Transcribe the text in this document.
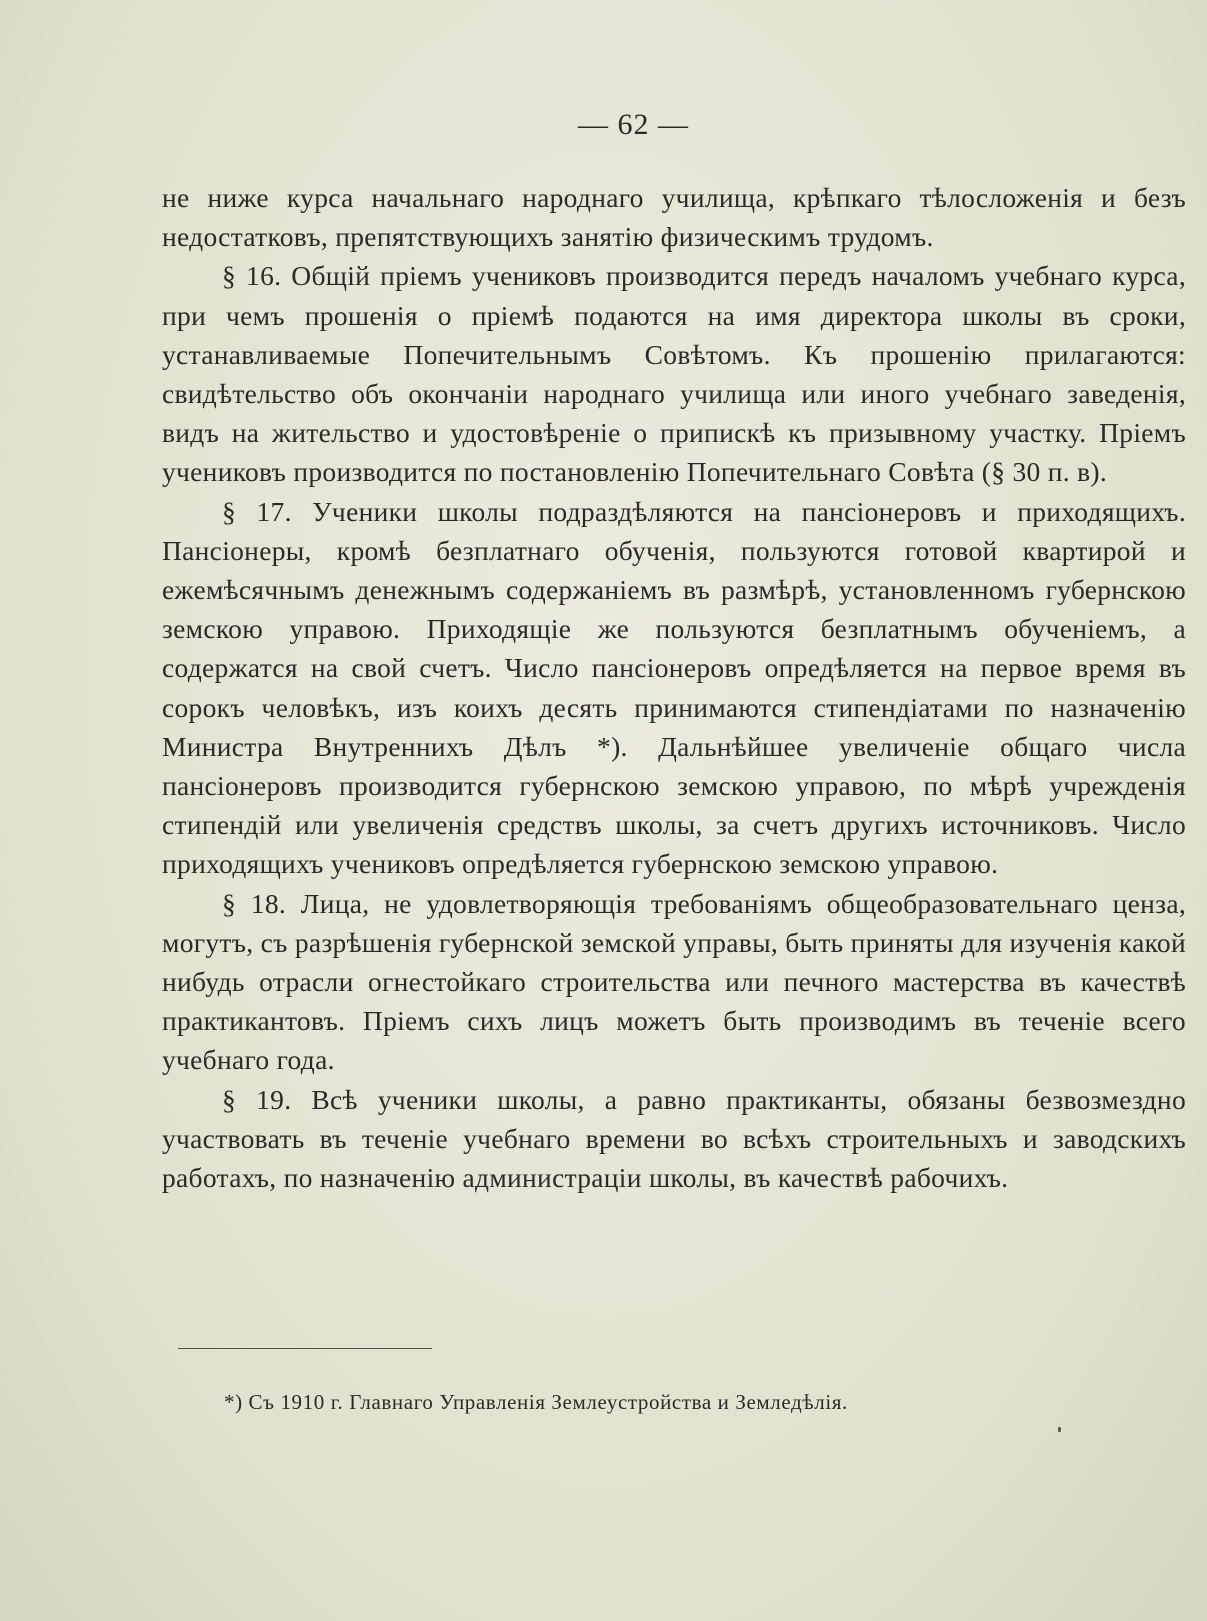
— 62 —

не ниже курса начальнаго народнаго училища, крѣпкаго тѣлосложенія и безъ недостатковъ, препятствующихъ занятію физическимъ трудомъ.

§ 16. Общій пріемъ учениковъ производится передъ началомъ учебнаго курса, при чемъ прошенія о пріемѣ подаются на имя директора школы въ сроки, устанавливаемые Попечительнымъ Совѣтомъ. Къ прошенію прилагаются: свидѣтельство объ окончаніи народнаго училища или иного учебнаго заведенія, видъ на жительство и удостовѣреніе о припискѣ къ призывному участку. Пріемъ учениковъ производится по постановленію Попечительнаго Совѣта (§ 30 п. в).

§ 17. Ученики школы подраздѣляются на пансіонеровъ и приходящихъ. Пансіонеры, кромѣ безплатнаго обученія, пользуются готовой квартирой и ежемѣсячнымъ денежнымъ содержаніемъ въ размѣрѣ, установленномъ губернскою земскою управою. Приходящіе же пользуются безплатнымъ обученіемъ, а содержатся на свой счетъ. Число пансіонеровъ опредѣляется на первое время въ сорокъ человѣкъ, изъ коихъ десять принимаются стипендіатами по назначенію Министра Внутреннихъ Дѣлъ *). Дальнѣйшее увеличеніе общаго числа пансіонеровъ производится губернскою земскою управою, по мѣрѣ учрежденія стипендій или увеличенія средствъ школы, за счетъ другихъ источниковъ. Число приходящихъ учениковъ опредѣляется губернскою земскою управою.

§ 18. Лица, не удовлетворяющія требованіямъ общеобразовательнаго ценза, могутъ, съ разрѣшенія губернской земской управы, быть приняты для изученія какой нибудь отрасли огнестойкаго строительства или печного мастерства въ качествѣ практикантовъ. Пріемъ сихъ лицъ можетъ быть производимъ въ теченіе всего учебнаго года.

§ 19. Всѣ ученики школы, а равно практиканты, обязаны безвозмездно участвовать въ теченіе учебнаго времени во всѣхъ строительныхъ и заводскихъ работахъ, по назначенію администраціи школы, въ качествѣ рабочихъ.

*) Съ 1910 г. Главнаго Управленія Землеустройства и Земледѣлія.
